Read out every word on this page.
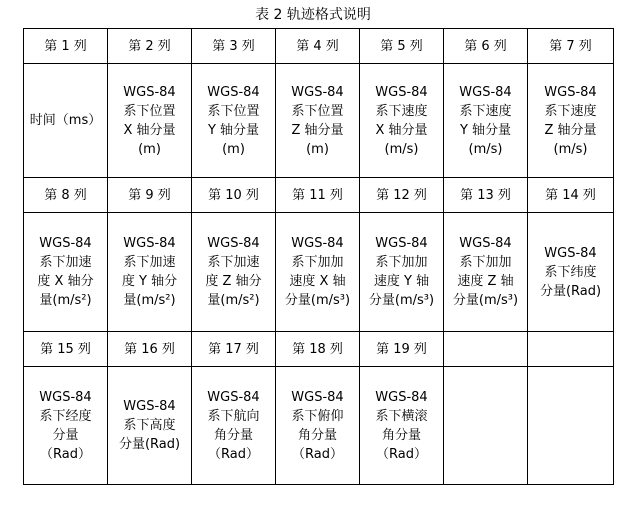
表 2 轨迹格式说明
第 1 列	第 2 列	第 3 列	第 4 列	第 5 列	第 6 列	第 7 列
时间（ms）	WGS-84
系下位置
X 轴分量
(m)	WGS-84
系下位置
Y 轴分量
(m)	WGS-84
系下位置
Z 轴分量
(m)	WGS-84
系下速度
X 轴分量
(m/s)	WGS-84
系下速度
Y 轴分量
(m/s)	WGS-84
系下速度
Z 轴分量
(m/s)
第 8 列	第 9 列	第 10 列	第 11 列	第 12 列	第 13 列	第 14 列
WGS-84
系下加速
度 X 轴分
量(m/s²)	WGS-84
系下加速
度 Y 轴分
量(m/s²)	WGS-84
系下加速
度 Z 轴分
量(m/s²)	WGS-84
系下加加
速度 X 轴
分量(m/s³)	WGS-84
系下加加
速度 Y 轴
分量(m/s³)	WGS-84
系下加加
速度 Z 轴
分量(m/s³)	WGS-84
系下纬度
分量(Rad)
第 15 列	第 16 列	第 17 列	第 18 列	第 19 列		
WGS-84
系下经度
分量
（Rad）	WGS-84
系下高度
分量(Rad)	WGS-84
系下航向
角分量
（Rad）	WGS-84
系下俯仰
角分量
（Rad）	WGS-84
系下横滚
角分量
（Rad）		
